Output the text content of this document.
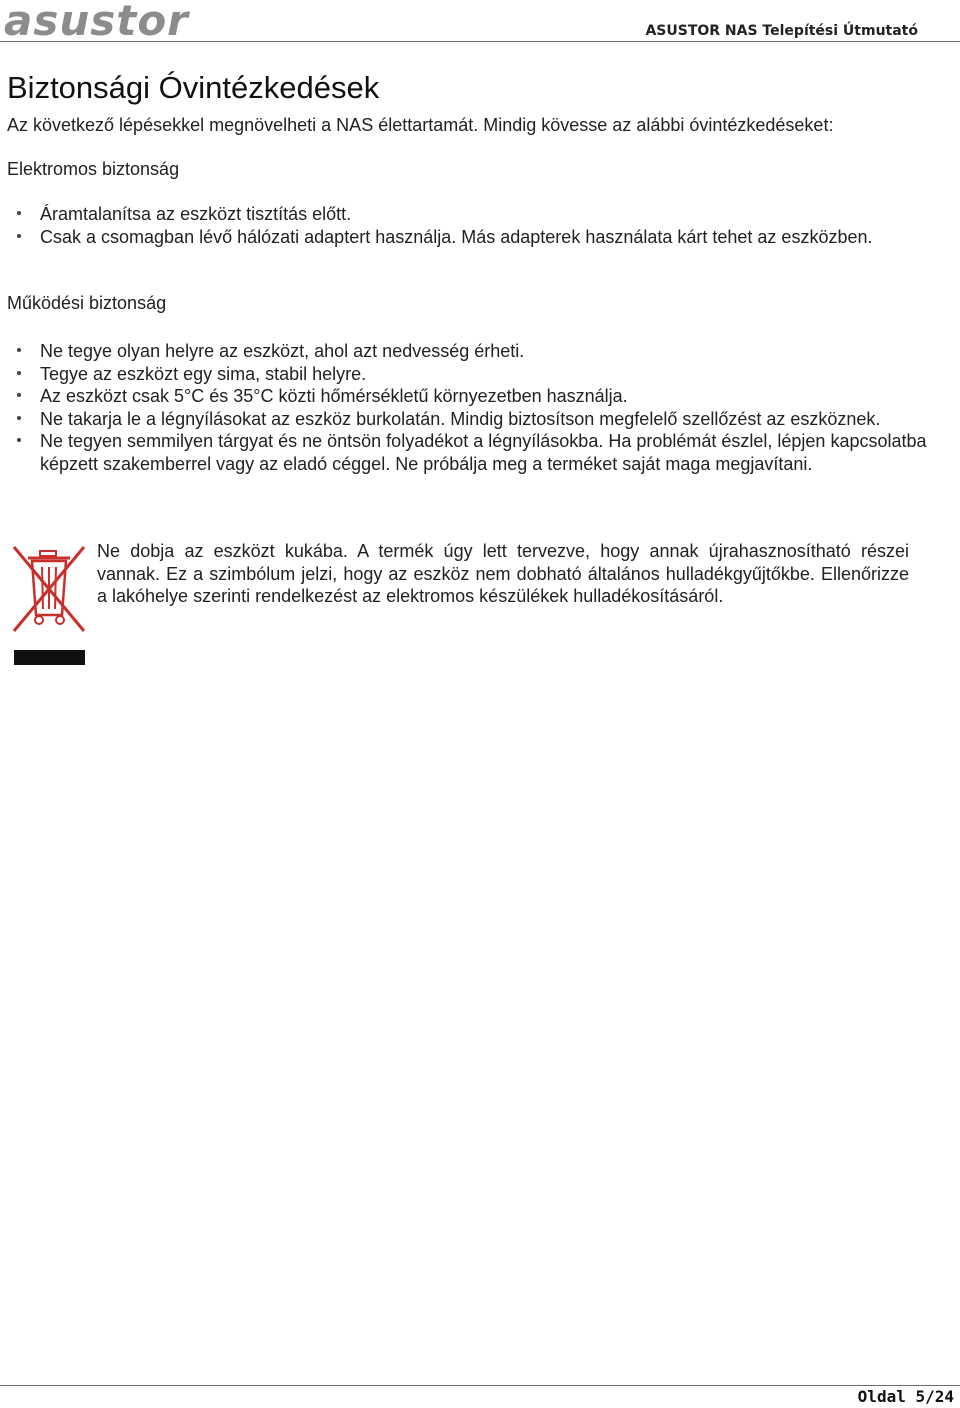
asustor	ASUSTOR NAS Telepítési Útmutató
Biztonsági Óvintézkedések
Az következő lépésekkel megnövelheti a NAS élettartamát. Mindig kövesse az alábbi óvintézkedéseket:
Elektromos biztonság
Áramtalanítsa az eszközt tisztítás előtt.
Csak a csomagban lévő hálózati adaptert használja. Más adapterek használata kárt tehet az eszközben.
Működési biztonság
Ne tegye olyan helyre az eszközt, ahol azt nedvesség érheti.
Tegye az eszközt egy sima, stabil helyre.
Az eszközt csak 5°C és 35°C közti hőmérsékletű környezetben használja.
Ne takarja le a légnyílásokat az eszköz burkolatán. Mindig biztosítson megfelelő szellőzést az eszköznek.
Ne tegyen semmilyen tárgyat és ne öntsön folyadékot a légnyílásokba. Ha problémát észlel, lépjen kapcsolatba képzett szakemberrel vagy az eladó céggel. Ne próbálja meg a terméket saját maga megjavítani.
Ne dobja az eszközt kukába. A termék úgy lett tervezve, hogy annak újrahasznosítható részei vannak. Ez a szimbólum jelzi, hogy az eszköz nem dobható általános hulladékgyűjtőkbe. Ellenőrizze a lakóhelye szerinti rendelkezést az elektromos készülékek hulladékosításáról.
Oldal 5/24
